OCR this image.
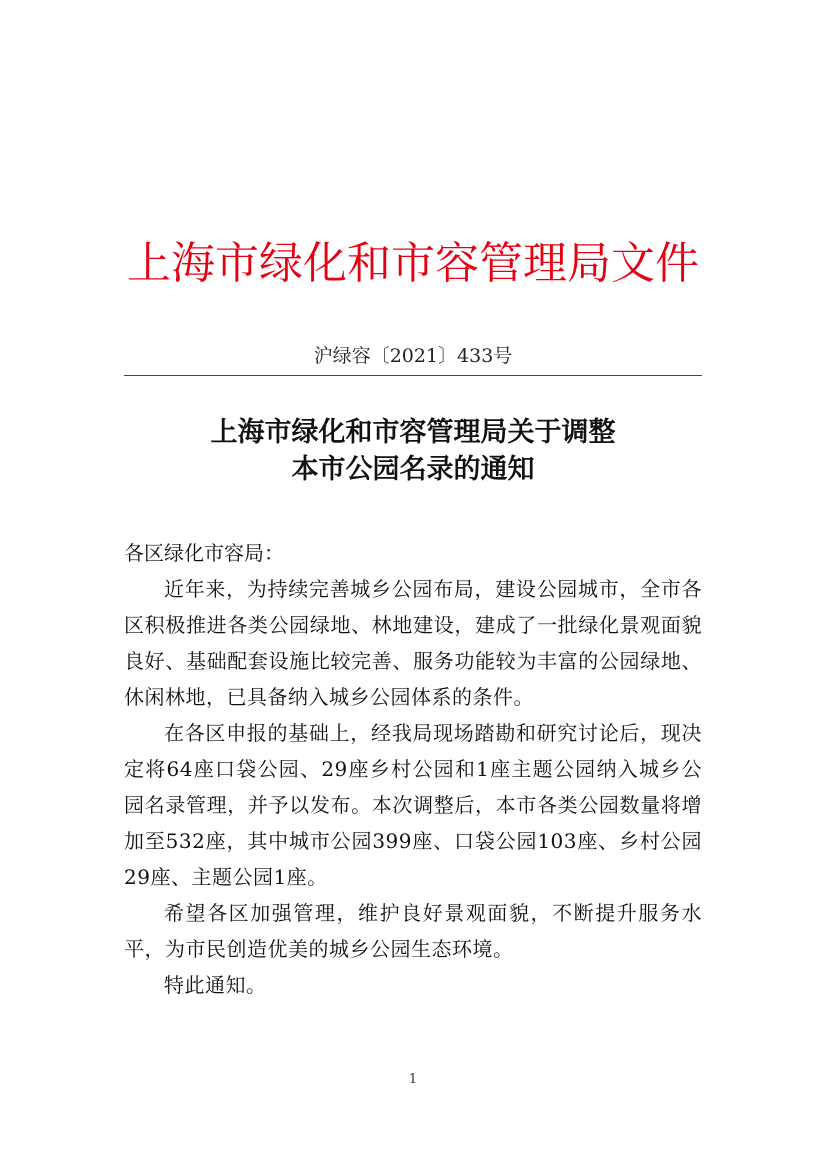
上海市绿化和市容管理局文件
沪绿容〔2021〕433号
上海市绿化和市容管理局关于调整
本市公园名录的通知

各区绿化市容局：

近年来，为持续完善城乡公园布局，建设公园城市，全市各区积极推进各类公园绿地、林地建设，建成了一批绿化景观面貌良好、基础配套设施比较完善、服务功能较为丰富的公园绿地、休闲林地，已具备纳入城乡公园体系的条件。

在各区申报的基础上，经我局现场踏勘和研究讨论后，现决定将64座口袋公园、29座乡村公园和1座主题公园纳入城乡公园名录管理，并予以发布。本次调整后，本市各类公园数量将增加至532座，其中城市公园399座、口袋公园103座、乡村公园29座、主题公园1座。

希望各区加强管理，维护良好景观面貌，不断提升服务水平，为市民创造优美的城乡公园生态环境。

特此通知。

1
